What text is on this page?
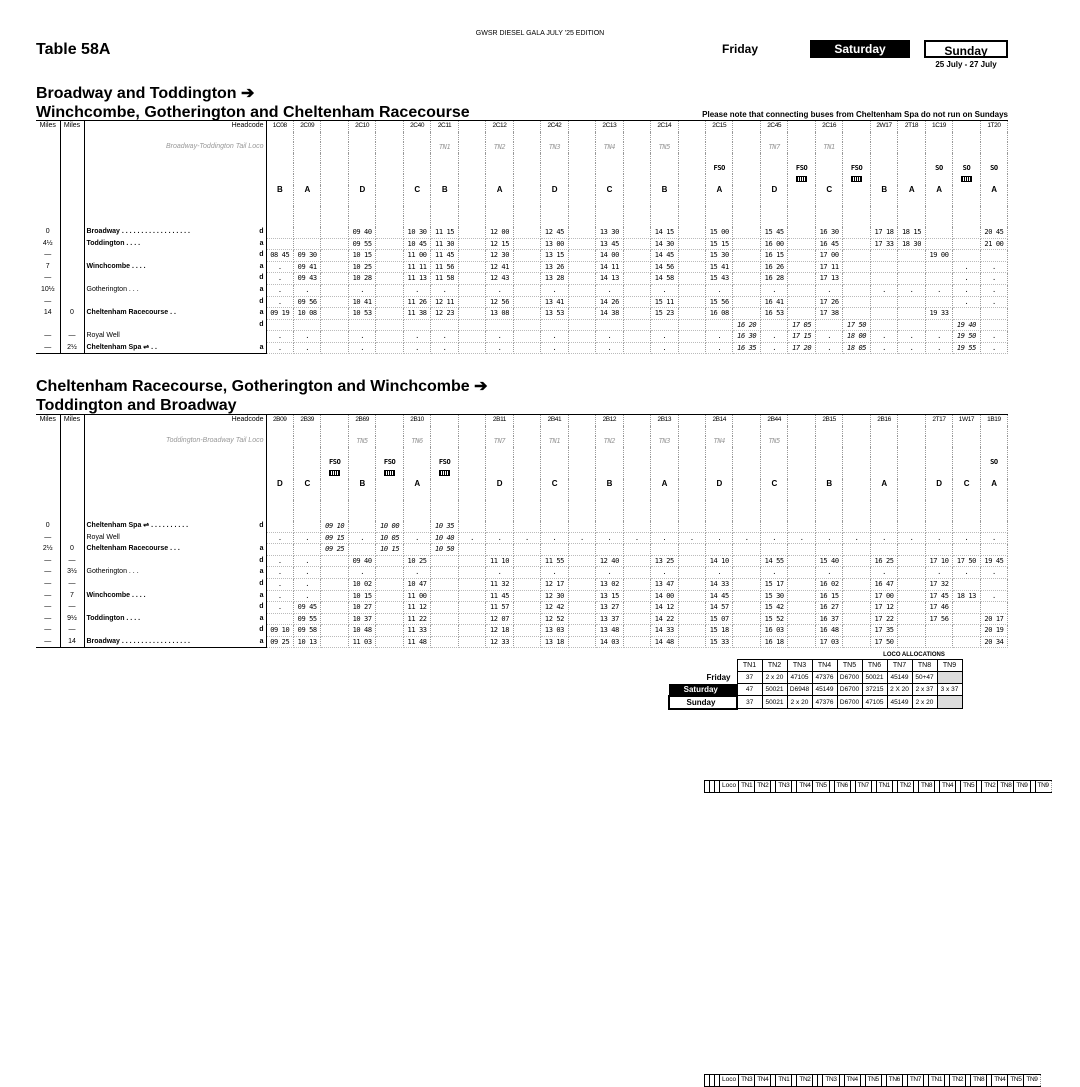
GWSR DIESEL GALA JULY '25 EDITION
Table 58A	Friday	Saturday	Sunday
25 July - 27 July
Broadway and Toddington ➔
Winchcombe, Gotherington and Cheltenham Racecourse	Please note that connecting buses from Cheltenham Spa do not run on Sundays
Miles	Miles		Headcode	1C08	2C09		2C10		2C40	2C11		2C12		2C42		2C13		2C14		2C15		2C45		2C16		2W17	2T18	1C19		1T20

			Loco	TN1	TN2		TN3		TN4	TN5		TN6		TN7		TN1		TN2		TN8		TN4		TN5		TN2	TN8	TN9		TN9
		Broadway-Toddington Tail Loco							TN1		TN2		TN3		TN4		TN5				TN7		TN1						

																				FSO			FSO		FSO			SO	SO	SO

				B	A		D		C	B		A		D		C		B		A		D		C		B	A	A		A

0		Broadway . . . . . . . . . . . . . . . . . .	d				09 40		10 30	11 15		12 00		12 45		13 30		14 15		15 00		15 45		16 30		17 18	18 15			20 45
4½		Toddington . . . .	a				09 55		10 45	11 30		12 15		13 00		13 45		14 30		15 15		16 00		16 45		17 33	18 30			21 00
—			d	08 45	09 30		10 15		11 00	11 45		12 30		13 15		14 00		14 45		15 30		16 15		17 00				19 00		
7		Winchcombe . . . .	a	.	09 41		10 25		11 11	11 56		12 41		13 26		14 11		14 56		15 41		16 26		17 11					.	.
—			d	.	09 43		10 28		11 13	11 58		12 43		13 28		14 13		14 58		15 43		16 28		17 13					.	.
10½		Gotherington . . .	a	.	.		.		.	.		.		.		.		.		.		.		.		.	.	.	.	.
—			d	.	09 56		10 41		11 26	12 11		12 56		13 41		14 26		15 11		15 56		16 41		17 26					.	.
14	0	Cheltenham Racecourse . .	a	09 19	10 08		10 53		11 38	12 23		13 08		13 53		14 38		15 23		16 08		16 53		17 38				19 33		
			d																		16 20		17 05		17 50				19 40	
—	—	Royal Well		.	.		.		.	.		.		.		.		.		.	16 30	.	17 15	.	18 00	.	.	.	19 50	.
—	2½	Cheltenham Spa ⇌ . .	a	.	.		.		.	.		.		.		.		.		.	16 35	.	17 20	.	18 05	.	.	.	19 55	.
Cheltenham Racecourse, Gotherington and Winchcombe ➔
Toddington and Broadway
Miles	Miles		Headcode	2B09	2B39		2B69		2B10			2B11		2B41		2B12		2B13		2B14		2B44		2B15		2B16		2T17	1W17	1B19

			Loco	TN3	TN4		TN1		TN2			TN3		TN4		TN5		TN6		TN7		TN1		TN2		TN8		TN4	TN5	TN9
		Toddington-Broadway Tail Loco				TN5		TN6			TN7		TN1		TN2		TN3		TN4		TN5								

						FSO		FSO		FSO																				SO

				D	C		B		A			D		C		B		A		D		C		B		A		D	C	A

0		Cheltenham Spa ⇌ . . . . . . . . . .	d			09 10		10 00		10 35																				
—		Royal Well		.	.	09 15	.	10 05	.	10 40	.	.	.	.	.	.	.	.	.	.	.	.	.	.	.	.	.	.	.	.
2½	0	Cheltenham Racecourse . . .	a			09 25		10 15		10 50																				
—	—		d	.	.		09 40		10 25			11 10		11 55		12 40		13 25		14 10		14 55		15 40		16 25		17 10	17 50	19 45
—	3½	Gotherington . . .	a	.	.		.		.			.		.		.		.		.		.		.		.		.	.	.
—	—		d	.	.		10 02		10 47			11 32		12 17		13 02		13 47		14 33		15 17		16 02		16 47		17 32		
—	7	Winchcombe . . . .	a	.	.		10 15		11 00			11 45		12 30		13 15		14 00		14 45		15 30		16 15		17 00		17 45	18 13	.
—	—		d	.	09 45		10 27		11 12			11 57		12 42		13 27		14 12		14 57		15 42		16 27		17 12		17 46		
—	9½	Toddington . . . .	a		09 55		10 37		11 22			12 07		12 52		13 37		14 22		15 07		15 52		16 37		17 22		17 56		20 17
—	—		d	09 10	09 58		10 48		11 33			12 18		13 03		13 48		14 33		15 18		16 03		16 48		17 35				20 19
—	14	Broadway . . . . . . . . . . . . . . . . . .	a	09 25	10 13		11 03		11 48			12 33		13 18		14 03		14 48		15 33		16 18		17 03		17 50				20 34
LOCO ALLOCATIONS
	TN1	TN2	TN3	TN4	TN5	TN6	TN7	TN8	TN9
Friday	37	2 x 20	47105	47376	D6700	50021	45149	50+47	
Saturday	47	50021	D6948	45149	D6700	37215	2 X 20	2 x 37	3 x 37
Sunday	37	50021	2 x 20	47376	D6700	47105	45149	2 x 20	
